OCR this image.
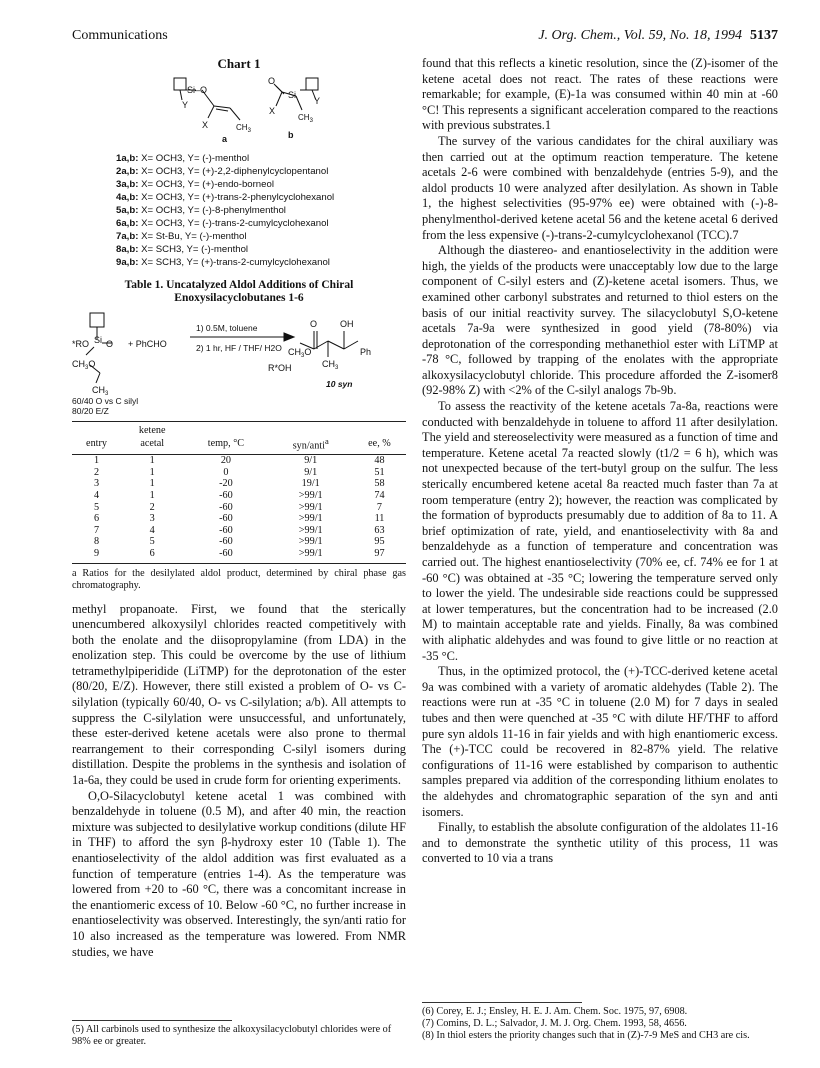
Communications	J. Org. Chem., Vol. 59, No. 18, 1994 5137
Chart 1
Si–O
Y
X	$CH_3$
a
O
Si
Y
X
$CH_3$
b
1a,b: X= OCH3, Y= (-)-menthol
2a,b: X= OCH3, Y= (+)-2,2-diphenylcyclopentanol
3a,b: X= OCH3, Y= (+)-endo-borneol
4a,b: X= OCH3, Y= (+)-trans-2-phenylcyclohexanol
5a,b: X= OCH3, Y= (-)-8-phenylmenthol
6a,b: X= OCH3, Y= (-)-trans-2-cumylcyclohexanol
7a,b: X= St-Bu, Y= (-)-menthol
8a,b: X= SCH3, Y= (-)-menthol
9a,b: X= SCH3, Y= (+)-trans-2-cumylcyclohexanol
Table 1. Uncatalyzed Aldol Additions of Chiral Enoxysilacyclobutanes 1-6
*RO Si O
$CH_3O$
$CH_3$
+ PhCHO
1) 0.5M, toluene
2) 1 hr, HF / THF/ H2O
O	OH
$CH_3O$	Ph
$CH_3$
R*OH
60/40 O vs C silyl
80/20 E/Z
10 syn
	ketene			
entry	acetal	temp, °C	syn/anti$^a$	ee, %
1	1	20	9/1	48
2	1	0	9/1	51
3	1	-20	19/1	58
4	1	-60	>99/1	74
5	2	-60	>99/1	7
6	3	-60	>99/1	11
7	4	-60	>99/1	63
8	5	-60	>99/1	95
9	6	-60	>99/1	97
a Ratios for the desilylated aldol product, determined by chiral phase gas chromatography.

methyl propanoate. First, we found that the sterically unencumbered alkoxysilyl chlorides reacted competitively with both the enolate and the diisopropylamine (from LDA) in the enolization step. This could be overcome by the use of lithium tetramethylpiperidide (LiTMP) for the deprotonation of the ester (80/20, E/Z). However, there still existed a problem of O- vs C-silylation (typically 60/40, O- vs C-silylation; a/b). All attempts to suppress the C-silylation were unsuccessful, and unfortunately, these ester-derived ketene acetals were also prone to thermal rearrangement to their corresponding C-silyl isomers during distillation. Despite the problems in the synthesis and isolation of 1a-6a, they could be used in crude form for orienting experiments.

O,O-Silacyclobutyl ketene acetal 1 was combined with benzaldehyde in toluene (0.5 M), and after 40 min, the reaction mixture was subjected to desilylative workup conditions (dilute HF in THF) to afford the syn β-hydroxy ester 10 (Table 1). The enantioselectivity of the aldol addition was first evaluated as a function of temperature (entries 1-4). As the temperature was lowered from +20 to -60 °C, there was a concomitant increase in the enantiomeric excess of 10. Below -60 °C, no further increase in enantioselectivity was observed. Interestingly, the syn/anti ratio for 10 also increased as the temperature was lowered. From NMR studies, we have

(5) All carbinols used to synthesize the alkoxysilacyclobutyl chlorides were of 98% ee or greater.

found that this reflects a kinetic resolution, since the (Z)-isomer of the ketene acetal does not react. The rates of these reactions were remarkable; for example, (E)-1a was consumed within 40 min at -60 °C! This represents a significant acceleration compared to the reactions with previous substrates.1

The survey of the various candidates for the chiral auxiliary was then carried out at the optimum reaction temperature. The ketene acetals 2-6 were combined with benzaldehyde (entries 5-9), and the aldol products 10 were analyzed after desilylation. As shown in Table 1, the highest selectivities (95-97% ee) were obtained with (-)-8-phenylmenthol-derived ketene acetal 56 and the ketene acetal 6 derived from the less expensive (-)-trans-2-cumylcyclohexanol (TCC).7

Although the diastereo- and enantioselectivity in the addition were high, the yields of the products were unacceptably low due to the large component of C-silyl esters and (Z)-ketene acetal isomers. Thus, we examined other carbonyl substrates and returned to thiol esters on the basis of our initial reactivity survey. The silacyclobutyl S,O-ketene acetals 7a-9a were synthesized in good yield (78-80%) via deprotonation of the corresponding methanethiol ester with LiTMP at -78 °C, followed by trapping of the enolates with the appropriate alkoxysilacyclobutyl chloride. This procedure afforded the Z-isomer8 (92-98% Z) with <2% of the C-silyl analogs 7b-9b.

To assess the reactivity of the ketene acetals 7a-8a, reactions were conducted with benzaldehyde in toluene to afford 11 after desilylation. The yield and stereoselectivity were measured as a function of time and temperature. Ketene acetal 7a reacted slowly (t1/2 = 6 h), which was not unexpected because of the tert-butyl group on the sulfur. The less sterically encumbered ketene acetal 8a reacted much faster than 7a at room temperature (entry 2); however, the reaction was complicated by the formation of byproducts presumably due to addition of 8a to 11. A brief optimization of rate, yield, and enantioselectivity with 8a and benzaldehyde as a function of temperature and concentration was carried out. The highest enantioselectivity (70% ee, cf. 74% ee for 1 at -60 °C) was obtained at -35 °C; lowering the temperature served only to lower the yield. The undesirable side reactions could be suppressed at lower temperatures, but the concentration had to be increased (2.0 M) to maintain acceptable rate and yields. Finally, 8a was combined with aliphatic aldehydes and was found to give little or no reaction at -35 °C.

Thus, in the optimized protocol, the (+)-TCC-derived ketene acetal 9a was combined with a variety of aromatic aldehydes (Table 2). The reactions were run at -35 °C in toluene (2.0 M) for 7 days in sealed tubes and then were quenched at -35 °C with dilute HF/THF to afford pure syn aldols 11-16 in fair yields and with high enantiomeric excess. The (+)-TCC could be recovered in 82-87% yield. The relative configurations of 11-16 were established by comparison to authentic samples prepared via addition of the corresponding lithium enolates to the aldehydes and chromatographic separation of the syn and anti isomers.

Finally, to establish the absolute configuration of the aldolates 11-16 and to demonstrate the synthetic utility of this process, 11 was converted to 10 via a trans

(6) Corey, E. J.; Ensley, H. E. J. Am. Chem. Soc. 1975, 97, 6908.
(7) Comins, D. L.; Salvador, J. M. J. Org. Chem. 1993, 58, 4656.
(8) In thiol esters the priority changes such that in (Z)-7-9 MeS and CH3 are cis.
